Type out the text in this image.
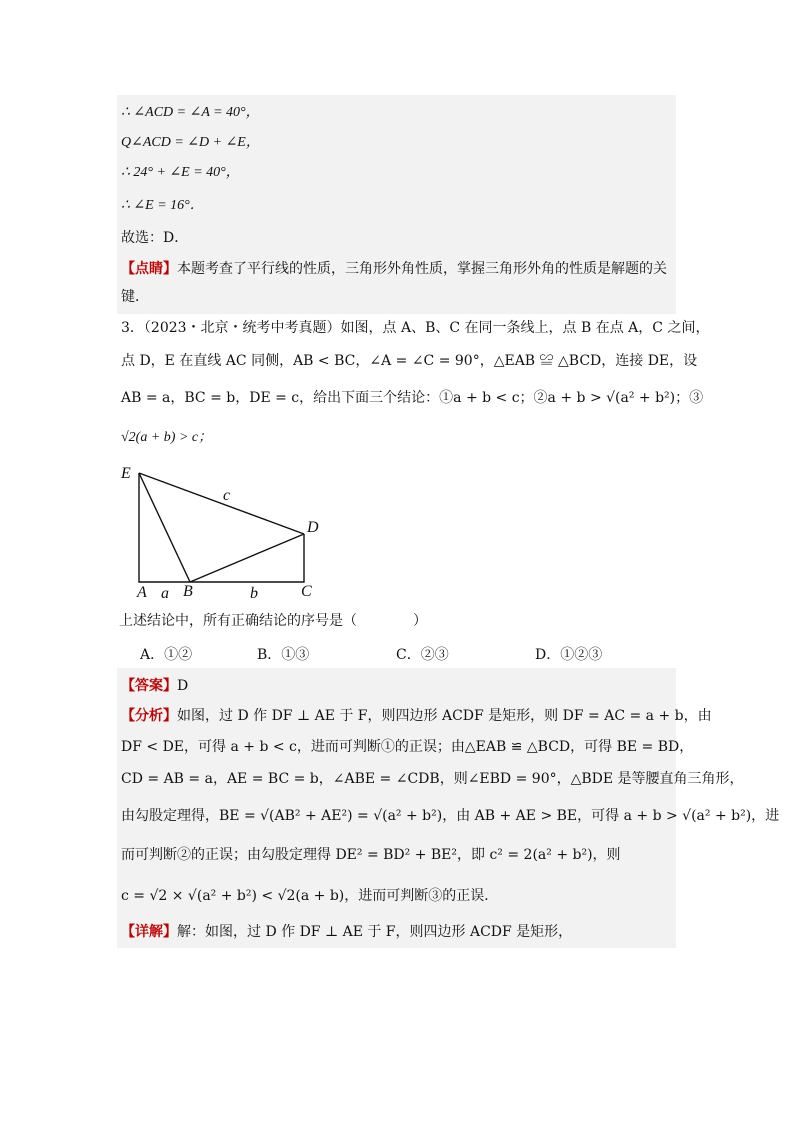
∴ ∠ACD = ∠A = 40°，
Q∠ACD = ∠D + ∠E，
∴ 24° + ∠E = 40°，
∴ ∠E = 16°．
故选：D．
【点睛】本题考查了平行线的性质，三角形外角性质，掌握三角形外角的性质是解题的关
键．
3．（2023・北京・统考中考真题）如图，点 A、B、C 在同一条线上，点 B 在点 A，C 之间，
点 D，E 在直线 AC 同侧，AB < BC，∠A = ∠C = 90°，△EAB ≌ △BCD，连接 DE，设
AB = a，BC = b，DE = c，给出下面三个结论：①a + b < c；②a + b > √(a² + b²)；③
√2(a + b) > c；
E
c
D
A a B	b	C
上述结论中，所有正确结论的序号是（　　　　）
A．①②	B．①③	C．②③	D．①②③
【答案】D
【分析】如图，过 D 作 DF ⊥ AE 于 F，则四边形 ACDF 是矩形，则 DF = AC = a + b，由
DF < DE，可得 a + b < c，进而可判断①的正误；由△EAB ≌ △BCD，可得 BE = BD，
CD = AB = a，AE = BC = b，∠ABE = ∠CDB，则∠EBD = 90°，△BDE 是等腰直角三角形，
由勾股定理得，BE = √(AB² + AE²) = √(a² + b²)，由 AB + AE > BE，可得 a + b > √(a² + b²)，进
而可判断②的正误；由勾股定理得 DE² = BD² + BE²，即 c² = 2(a² + b²)，则
c = √2 × √(a² + b²) < √2(a + b)，进而可判断③的正误．
【详解】解：如图，过 D 作 DF ⊥ AE 于 F，则四边形 ACDF 是矩形，
